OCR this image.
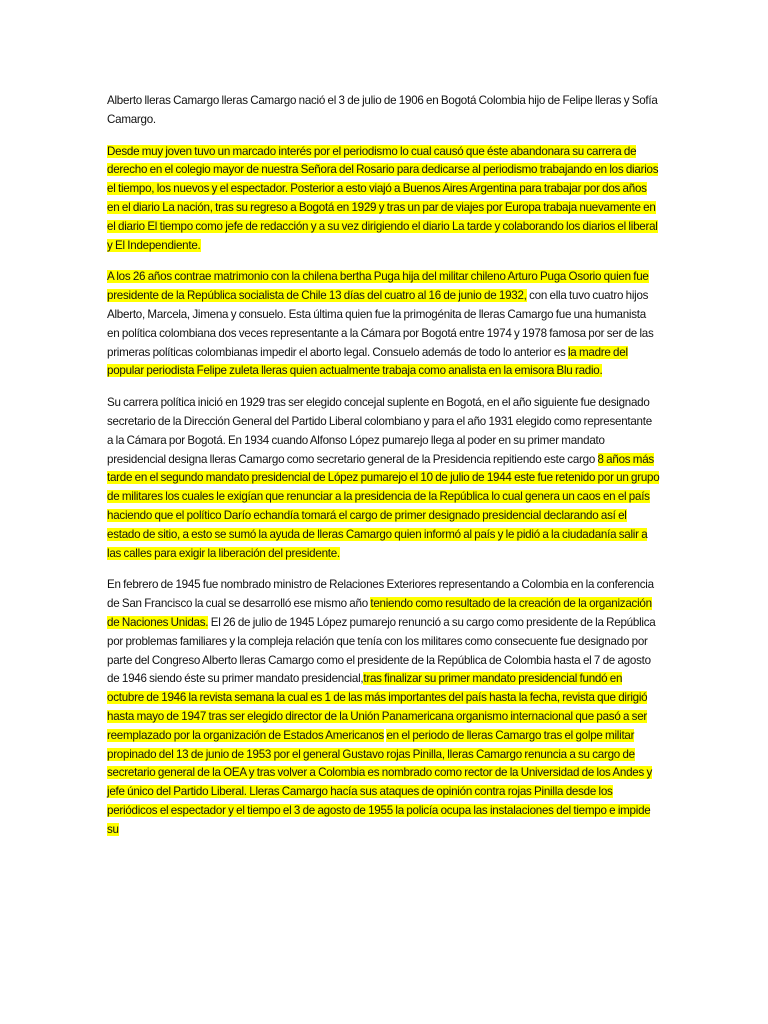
Alberto lleras Camargo lleras Camargo nació el 3 de julio de 1906 en Bogotá Colombia hijo de Felipe lleras y Sofía Camargo.

Desde muy joven tuvo un marcado interés por el periodismo lo cual causó que éste abandonara su carrera de derecho en el colegio mayor de nuestra Señora del Rosario para dedicarse al periodismo trabajando en los diarios el tiempo, los nuevos y el espectador. Posterior a esto viajó a Buenos Aires Argentina para trabajar por dos años en el diario La nación, tras su regreso a Bogotá en 1929 y tras un par de viajes por Europa trabaja nuevamente en el diario El tiempo como jefe de redacción y a su vez dirigiendo el diario La tarde y colaborando los diarios el liberal y El Independiente.

A los 26 años contrae matrimonio con la chilena bertha Puga hija del militar chileno Arturo Puga Osorio quien fue presidente de la República socialista de Chile 13 días del cuatro al 16 de junio de 1932, con ella tuvo cuatro hijos Alberto, Marcela, Jimena y consuelo. Esta última quien fue la primogénita de lleras Camargo fue una humanista en política colombiana dos veces representante a la Cámara por Bogotá entre 1974 y 1978 famosa por ser de las primeras políticas colombianas impedir el aborto legal. Consuelo además de todo lo anterior es la madre del popular periodista Felipe zuleta lleras quien actualmente trabaja como analista en la emisora Blu radio.

Su carrera política inició en 1929 tras ser elegido concejal suplente en Bogotá, en el año siguiente fue designado secretario de la Dirección General del Partido Liberal colombiano y para el año 1931 elegido como representante a la Cámara por Bogotá. En 1934 cuando Alfonso López pumarejo llega al poder en su primer mandato presidencial designa lleras Camargo como secretario general de la Presidencia repitiendo este cargo 8 años más tarde en el segundo mandato presidencial de López pumarejo el 10 de julio de 1944 este fue retenido por un grupo de militares los cuales le exigían que renunciar a la presidencia de la República lo cual genera un caos en el país haciendo que el político Darío echandía tomará el cargo de primer designado presidencial declarando así el estado de sitio, a esto se sumó la ayuda de lleras Camargo quien informó al país y le pidió a la ciudadanía salir a las calles para exigir la liberación del presidente.

En febrero de 1945 fue nombrado ministro de Relaciones Exteriores representando a Colombia en la conferencia de San Francisco la cual se desarrolló ese mismo año teniendo como resultado de la creación de la organización de Naciones Unidas. El 26 de julio de 1945 López pumarejo renunció a su cargo como presidente de la República por problemas familiares y la compleja relación que tenía con los militares como consecuente fue designado por parte del Congreso Alberto lleras Camargo como el presidente de la República de Colombia hasta el 7 de agosto de 1946 siendo éste su primer mandato presidencial,tras finalizar su primer mandato presidencial fundó en octubre de 1946 la revista semana la cual es 1 de las más importantes del país hasta la fecha, revista que dirigió hasta mayo de 1947 tras ser elegido director de la Unión Panamericana organismo internacional que pasó a ser reemplazado por la organización de Estados Americanos en el periodo de lleras Camargo tras el golpe militar propinado del 13 de junio de 1953 por el general Gustavo rojas Pinilla, lleras Camargo renuncia a su cargo de secretario general de la OEA y tras volver a Colombia es nombrado como rector de la Universidad de los Andes y jefe único del Partido Liberal. Lleras Camargo hacía sus ataques de opinión contra rojas Pinilla desde los periódicos el espectador y el tiempo el 3 de agosto de 1955 la policía ocupa las instalaciones del tiempo e impide su
